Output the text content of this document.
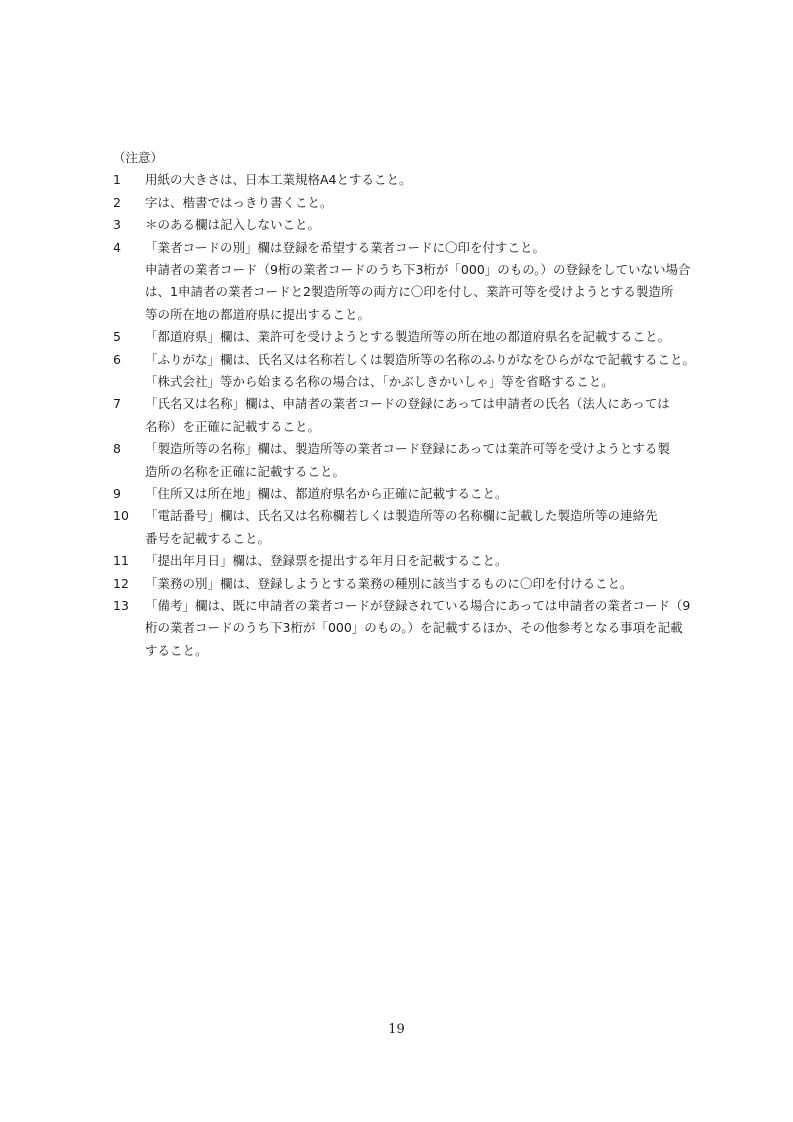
（注意）
1	用紙の大きさは、日本工業規格A4とすること。
2	字は、楷書ではっきり書くこと。
3	＊のある欄は記入しないこと。
4	「業者コードの別」欄は登録を希望する業者コードに〇印を付すこと。
申請者の業者コード（9桁の業者コードのうち下3桁が「000」のもの。）の登録をしていない場合
は、1申請者の業者コードと2製造所等の両方に〇印を付し、業許可等を受けようとする製造所
等の所在地の都道府県に提出すること。
5	「都道府県」欄は、業許可を受けようとする製造所等の所在地の都道府県名を記載すること。
6	「ふりがな」欄は、氏名又は名称若しくは製造所等の名称のふりがなをひらがなで記載すること。
「株式会社」等から始まる名称の場合は、「かぶしきかいしゃ」等を省略すること。
7	「氏名又は名称」欄は、申請者の業者コードの登録にあっては申請者の氏名（法人にあっては
名称）を正確に記載すること。
8	「製造所等の名称」欄は、製造所等の業者コード登録にあっては業許可等を受けようとする製
造所の名称を正確に記載すること。
9	「住所又は所在地」欄は、都道府県名から正確に記載すること。
10	「電話番号」欄は、氏名又は名称欄若しくは製造所等の名称欄に記載した製造所等の連絡先
番号を記載すること。
11	「提出年月日」欄は、登録票を提出する年月日を記載すること。
12	「業務の別」欄は、登録しようとする業務の種別に該当するものに〇印を付けること。
13	「備考」欄は、既に申請者の業者コードが登録されている場合にあっては申請者の業者コード（9
桁の業者コードのうち下3桁が「000」のもの。）を記載するほか、その他参考となる事項を記載
すること。
19
